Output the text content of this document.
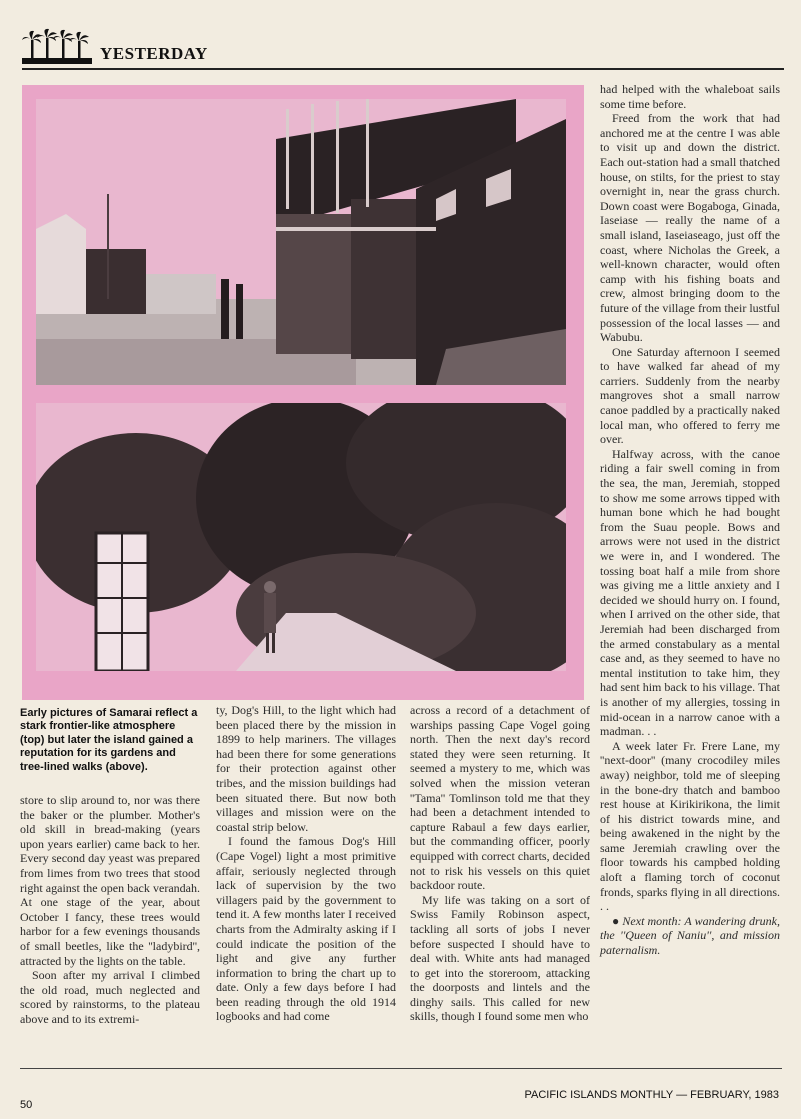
YESTERDAY
Early pictures of Samarai reflect a stark frontier-like atmosphere (top) but later the island gained a reputation for its gardens and tree-lined walks (above).

store to slip around to, nor was there the baker or the plumber. Mother's old skill in bread-making (years upon years earlier) came back to her. Every second day yeast was prepared from limes from two trees that stood right against the open back verandah. At one stage of the year, about October I fancy, these trees would harbor for a few evenings thousands of small beetles, like the ''ladybird'', attracted by the lights on the table.

Soon after my arrival I climbed the old road, much neglected and scored by rainstorms, to the plateau above and to its extremi-

ty, Dog's Hill, to the light which had been placed there by the mission in 1899 to help mariners. The villages had been there for some generations for their protection against other tribes, and the mission buildings had been situated there. But now both villages and mission were on the coastal strip below.

I found the famous Dog's Hill (Cape Vogel) light a most primitive affair, seriously neglected through lack of supervision by the two villagers paid by the government to tend it. A few months later I received charts from the Admiralty asking if I could indicate the position of the light and give any further information to bring the chart up to date. Only a few days before I had been reading through the old 1914 logbooks and had come

across a record of a detachment of warships passing Cape Vogel going north. Then the next day's record stated they were seen returning. It seemed a mystery to me, which was solved when the mission veteran ''Tama'' Tomlinson told me that they had been a detachment intended to capture Rabaul a few days earlier, but the commanding officer, poorly equipped with correct charts, decided not to risk his vessels on this quiet backdoor route.

My life was taking on a sort of Swiss Family Robinson aspect, tackling all sorts of jobs I never before suspected I should have to deal with. White ants had managed to get into the storeroom, attacking the doorposts and lintels and the dinghy sails. This called for new skills, though I found some men who

had helped with the whaleboat sails some time before.

Freed from the work that had anchored me at the centre I was able to visit up and down the district. Each out-station had a small thatched house, on stilts, for the priest to stay overnight in, near the grass church. Down coast were Bogaboga, Ginada, Iaseiase — really the name of a small island, Iaseiaseago, just off the coast, where Nicholas the Greek, a well-known character, would often camp with his fishing boats and crew, almost bringing doom to the future of the village from their lustful possession of the local lasses — and Wabubu.

One Saturday afternoon I seemed to have walked far ahead of my carriers. Suddenly from the nearby mangroves shot a small narrow canoe paddled by a practically naked local man, who offered to ferry me over.

Halfway across, with the canoe riding a fair swell coming in from the sea, the man, Jeremiah, stopped to show me some arrows tipped with human bone which he had bought from the Suau people. Bows and arrows were not used in the district we were in, and I wondered. The tossing boat half a mile from shore was giving me a little anxiety and I decided we should hurry on. I found, when I arrived on the other side, that Jeremiah had been discharged from the armed constabulary as a mental case and, as they seemed to have no mental institution to take him, they had sent him back to his village. That is another of my allergies, tossing in mid-ocean in a narrow canoe with a madman. . .

A week later Fr. Frere Lane, my ''next-door'' (many crocodiley miles away) neighbor, told me of sleeping in the bone-dry thatch and bamboo rest house at Kirikirikona, the limit of his district towards mine, and being awakened in the night by the same Jeremiah crawling over the floor towards his campbed holding aloft a flaming torch of coconut fronds, sparks flying in all directions. . .

● Next month: A wandering drunk, the ''Queen of Naniu'', and mission paternalism.

50
PACIFIC ISLANDS MONTHLY — FEBRUARY, 1983
